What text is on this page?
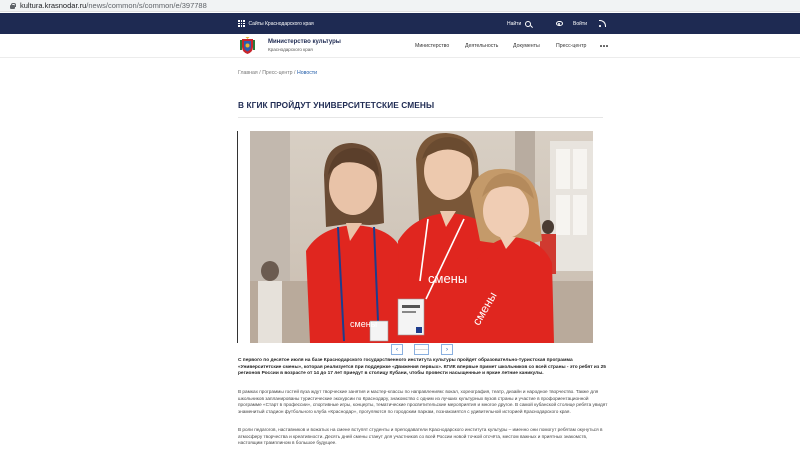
kultura.krasnodar.ru /news/common/s/common/e/397788
Сайты Краснодарского края	Найти	Войти
Министерство культуры
Краснодарского края
Министерство	Деятельность	Документы	Пресс-центр
Главная / Пресс-центр / Новости
В КГИК ПРОЙДУТ УНИВЕРСИТЕТСКИЕ СМЕНЫ
смены
смены
смены
‹	─────	›

С первого по десятое июля на базе Краснодарского государственного института культуры пройдет образовательно-туристская программа «Университетские смены», которая реализуется при поддержке «Движения первых». КГИК впервые примет школьников со всей страны - это ребят из 25 регионов России в возрасте от 14 до 17 лет приедут в столицу Кубани, чтобы провести насыщенные и яркие летние каникулы.

В рамках программы гостей вуза ждут творческие занятия и мастер-классы по направлениям: вокал, хореография, театр, дизайн и народное творчество. Также для школьников запланированы туристические экскурсии по Краснодару, знакомство с одним из лучших культурных вузов страны и участие в профориентационной программе «Старт в профессии», спортивные игры, концерты, тематические просветительские мероприятия и многое другое. В самой кубанской столице ребята увидят знаменитый стадион футбольного клуба «Краснодар», прогуляются по городским паркам, познакомятся с удивительной историей Краснодарского края.

В роли педагогов, наставников и вожатых на смене вступят студенты и преподаватели Краснодарского института культуры – именно они помогут ребятам окунуться в атмосферу творчества и креативности. Десять дней смены станут для участников со всей России новой точкой отсчёта, местом важных и приятных знакомств, настоящим трамплином в большое будущее.
